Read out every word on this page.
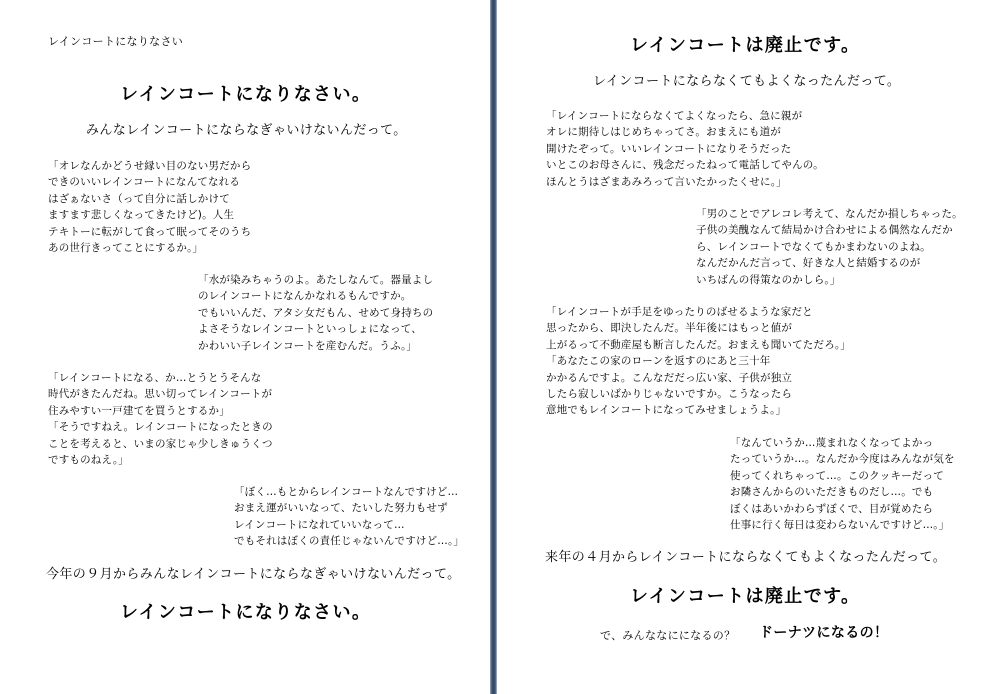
レインコートになりなさい

レインコートになりなさい。

みんなレインコートにならなぎゃいけないんだって。

「オレなんかどうせ縁い目のない男だから
できのいいレインコートになんてなれる
はざぁないさ（って自分に話しかけて
ますます悲しくなってきたけど)。人生
テキトーに転がして食って眠ってそのうち
あの世行きってことにするか。」
「水が染みちゃうのよ。あたしなんて。器量よし
のレインコートになんかなれるもんですか。
でもいいんだ、アタシ女だもん、せめて身持ちの
よさそうなレインコートといっしょになって、
かわいい子レインコートを産むんだ。うふ。」
「レインコートになる、か…とうとうそんな
時代がきたんだね。思い切ってレインコートが
住みやすい一戸建てを買うとするか」
「そうですねえ。レインコートになったときの
ことを考えると、いまの家じゃ少しきゅうくつ
ですものねえ。」
「ぼく…もとからレインコートなんですけど…
おまえ運がいいなって、たいした努力もせず
レインコートになれていいなって…
でもそれはぼくの責任じゃないんですけど…。」

今年の９月からみんなレインコートにならなぎゃいけないんだって。

レインコートになりなさい。

レインコートは廃止です。

レインコートにならなくてもよくなったんだって。

「レインコートにならなくてよくなったら、急に親が
オレに期待しはじめちゃってさ。おまえにも道が
開けたぞって。いいレインコートになりそうだった
いとこのお母さんに、残念だったねって電話してやんの。
ほんとうはざまあみろって言いたかったくせに。」
「男のことでアレコレ考えて、なんだか損しちゃった。
子供の美醜なんて結局かけ合わせによる偶然なんだか
ら、レインコートでなくてもかまわないのよね。
なんだかんだ言って、好きな人と結婚するのが
いちばんの得策なのかしら。」
「レインコートが手足をゆったりのばせるような家だと
思ったから、即決したんだ。半年後にはもっと値が
上がるって不動産屋も断言したんだ。おまえも聞いてただろ。」
「あなたこの家のローンを返すのにあと三十年
かかるんですよ。こんなだだっ広い家、子供が独立
したら寂しいばかりじゃないですか。こうなったら
意地でもレインコートになってみせましょうよ。」
「なんていうか…蔑まれなくなってよかっ
たっていうか…。なんだか今度はみんなが気を
使ってくれちゃって…。このクッキーだって
お隣さんからのいただきものだし…。でも
ぼくはあいかわらずぼくで、目が覚めたら
仕事に行く毎日は変わらないんですけど…。」

来年の４月からレインコートにならなくてもよくなったんだって。

レインコートは廃止です。

で、みんななにになるの？ ドーナツになるの！
